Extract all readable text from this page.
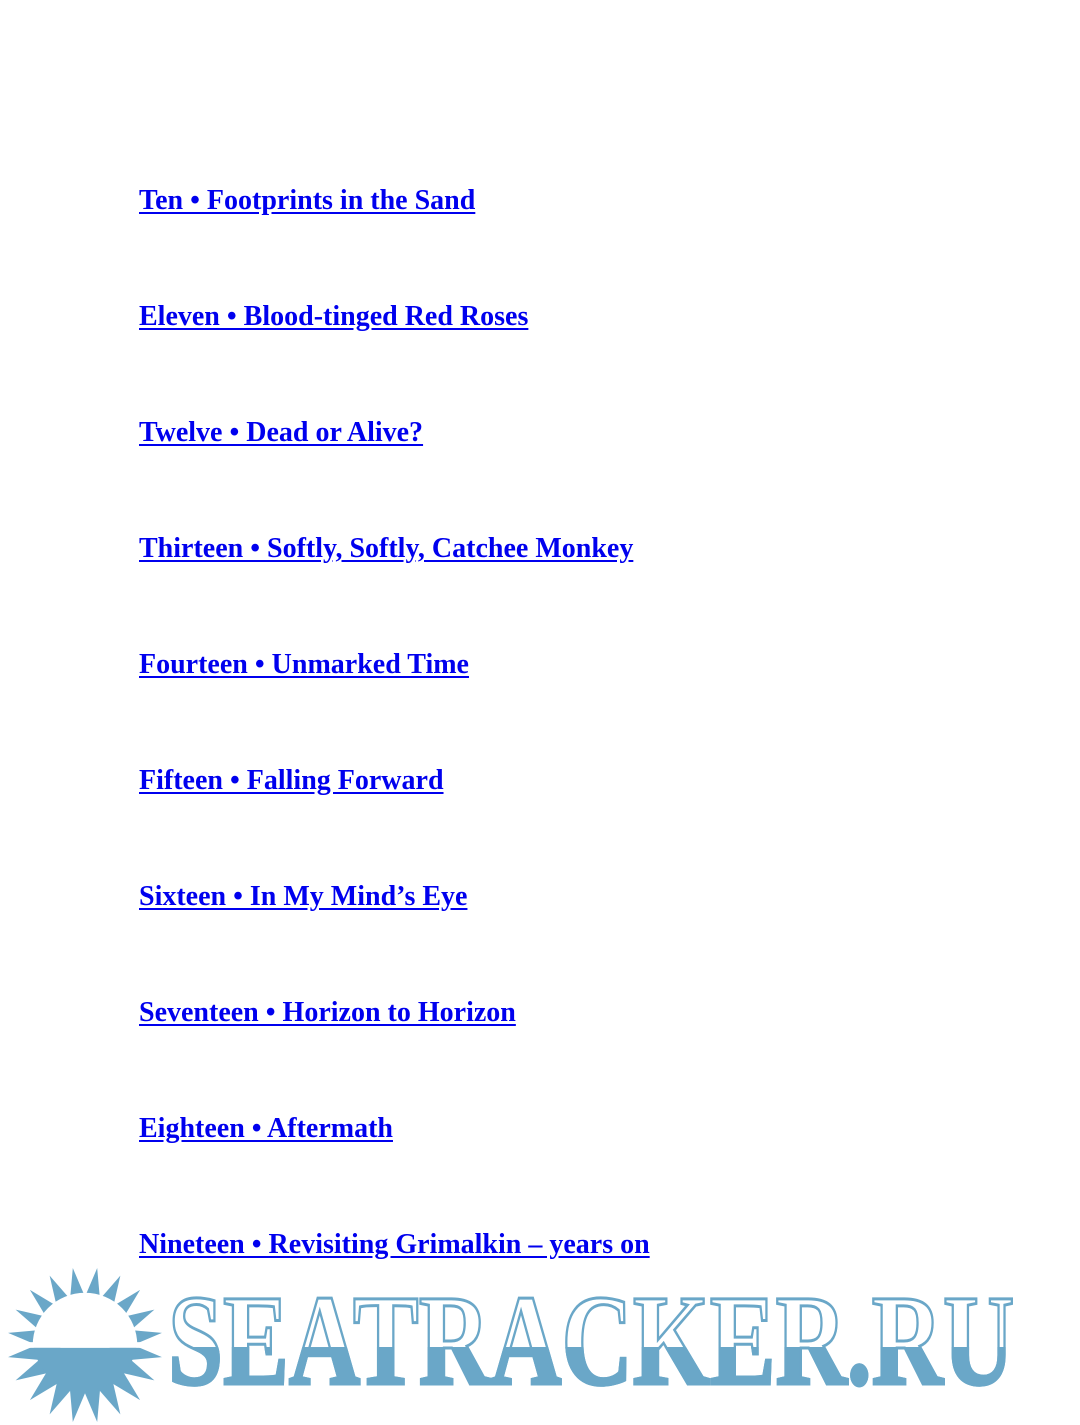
Ten • Footprints in the Sand
Eleven • Blood-tinged Red Roses
Twelve • Dead or Alive?
Thirteen • Softly, Softly, Catchee Monkey
Fourteen • Unmarked Time
Fifteen • Falling Forward
Sixteen • In My Mind’s Eye
Seventeen • Horizon to Horizon
Eighteen • Aftermath
Nineteen • Revisiting Grimalkin – years on
SEATRACKER.RU
